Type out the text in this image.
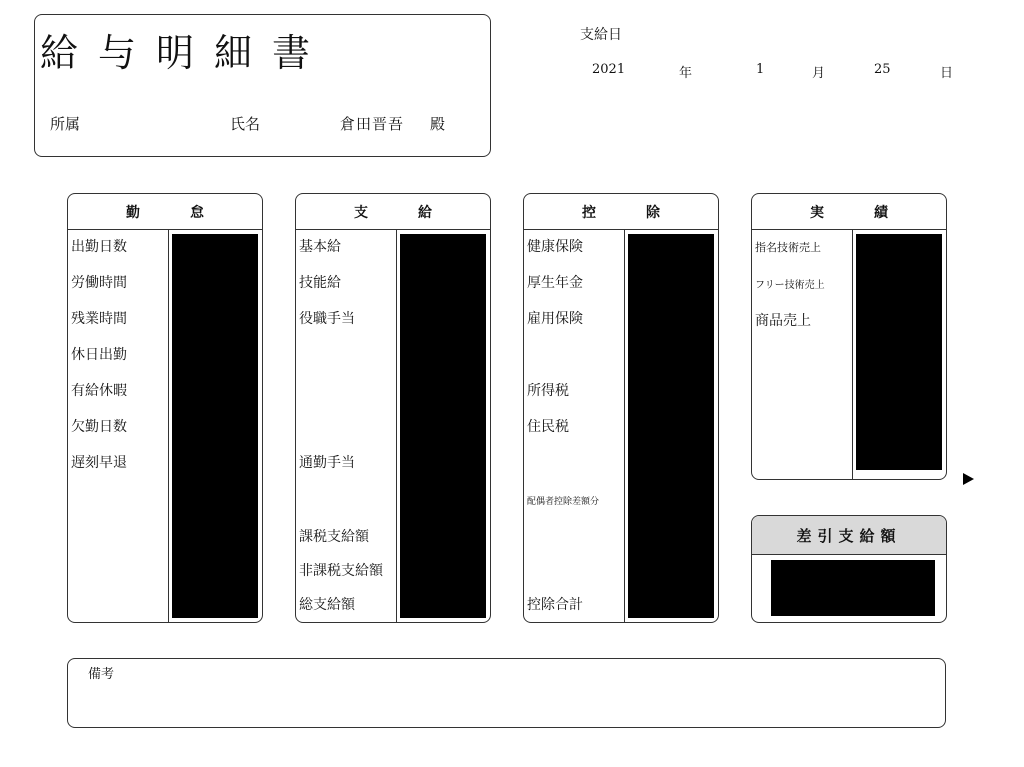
給与明細書
所属	氏名	倉田晋吾 殿
支給日
2021	年	1	月	25	日
勤	怠
出勤日数
労働時間
残業時間
休日出勤
有給休暇
欠勤日数
遅刻早退
支	給
基本給
技能給
役職手当
通勤手当
課税支給額
非課税支給額
総支給額
控	除
健康保険
厚生年金
雇用保険
所得税
住民税
配偶者控除差額分
控除合計
実	績
指名技術売上
フリー技術売上
商品売上
差引支給額
備考
